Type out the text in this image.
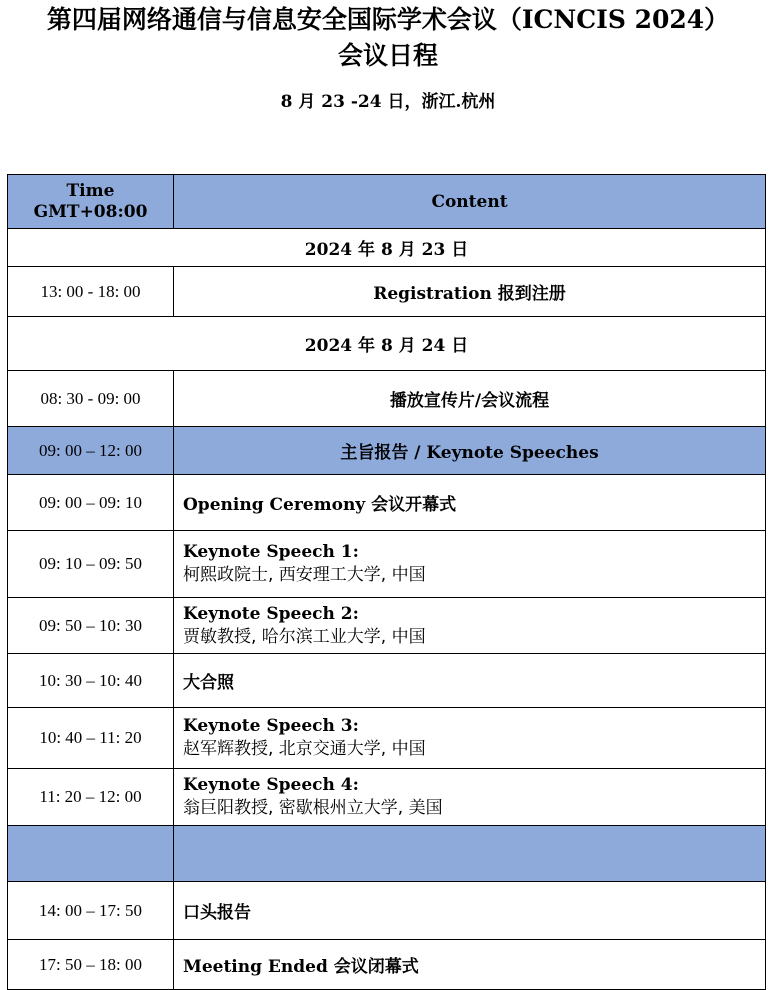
第四届网络通信与信息安全国际学术会议（ICNCIS 2024）
会议日程
8 月 23 -24 日，浙江.杭州
Time
GMT+08:00	Content
2024 年 8 月 23 日	
13: 00 - 18: 00	Registration 报到注册
2024 年 8 月 24 日	
08: 30 - 09: 00	播放宣传片/会议流程
09: 00 – 12: 00	主旨报告 / Keynote Speeches
09: 00 – 09: 10	Opening Ceremony 会议开幕式
09: 10 – 09: 50	Keynote Speech 1:
柯熙政院士, 西安理工大学, 中国

09: 50 – 10: 30	Keynote Speech 2:
贾敏教授, 哈尔滨工业大学, 中国

10: 30 – 10: 40	大合照
10: 40 – 11: 20	Keynote Speech 3:
赵军辉教授, 北京交通大学, 中国

11: 20 – 12: 00	Keynote Speech 4:
翁巨阳教授, 密歇根州立大学, 美国

14: 00 – 17: 50	口头报告
17: 50 – 18: 00	Meeting Ended 会议闭幕式
